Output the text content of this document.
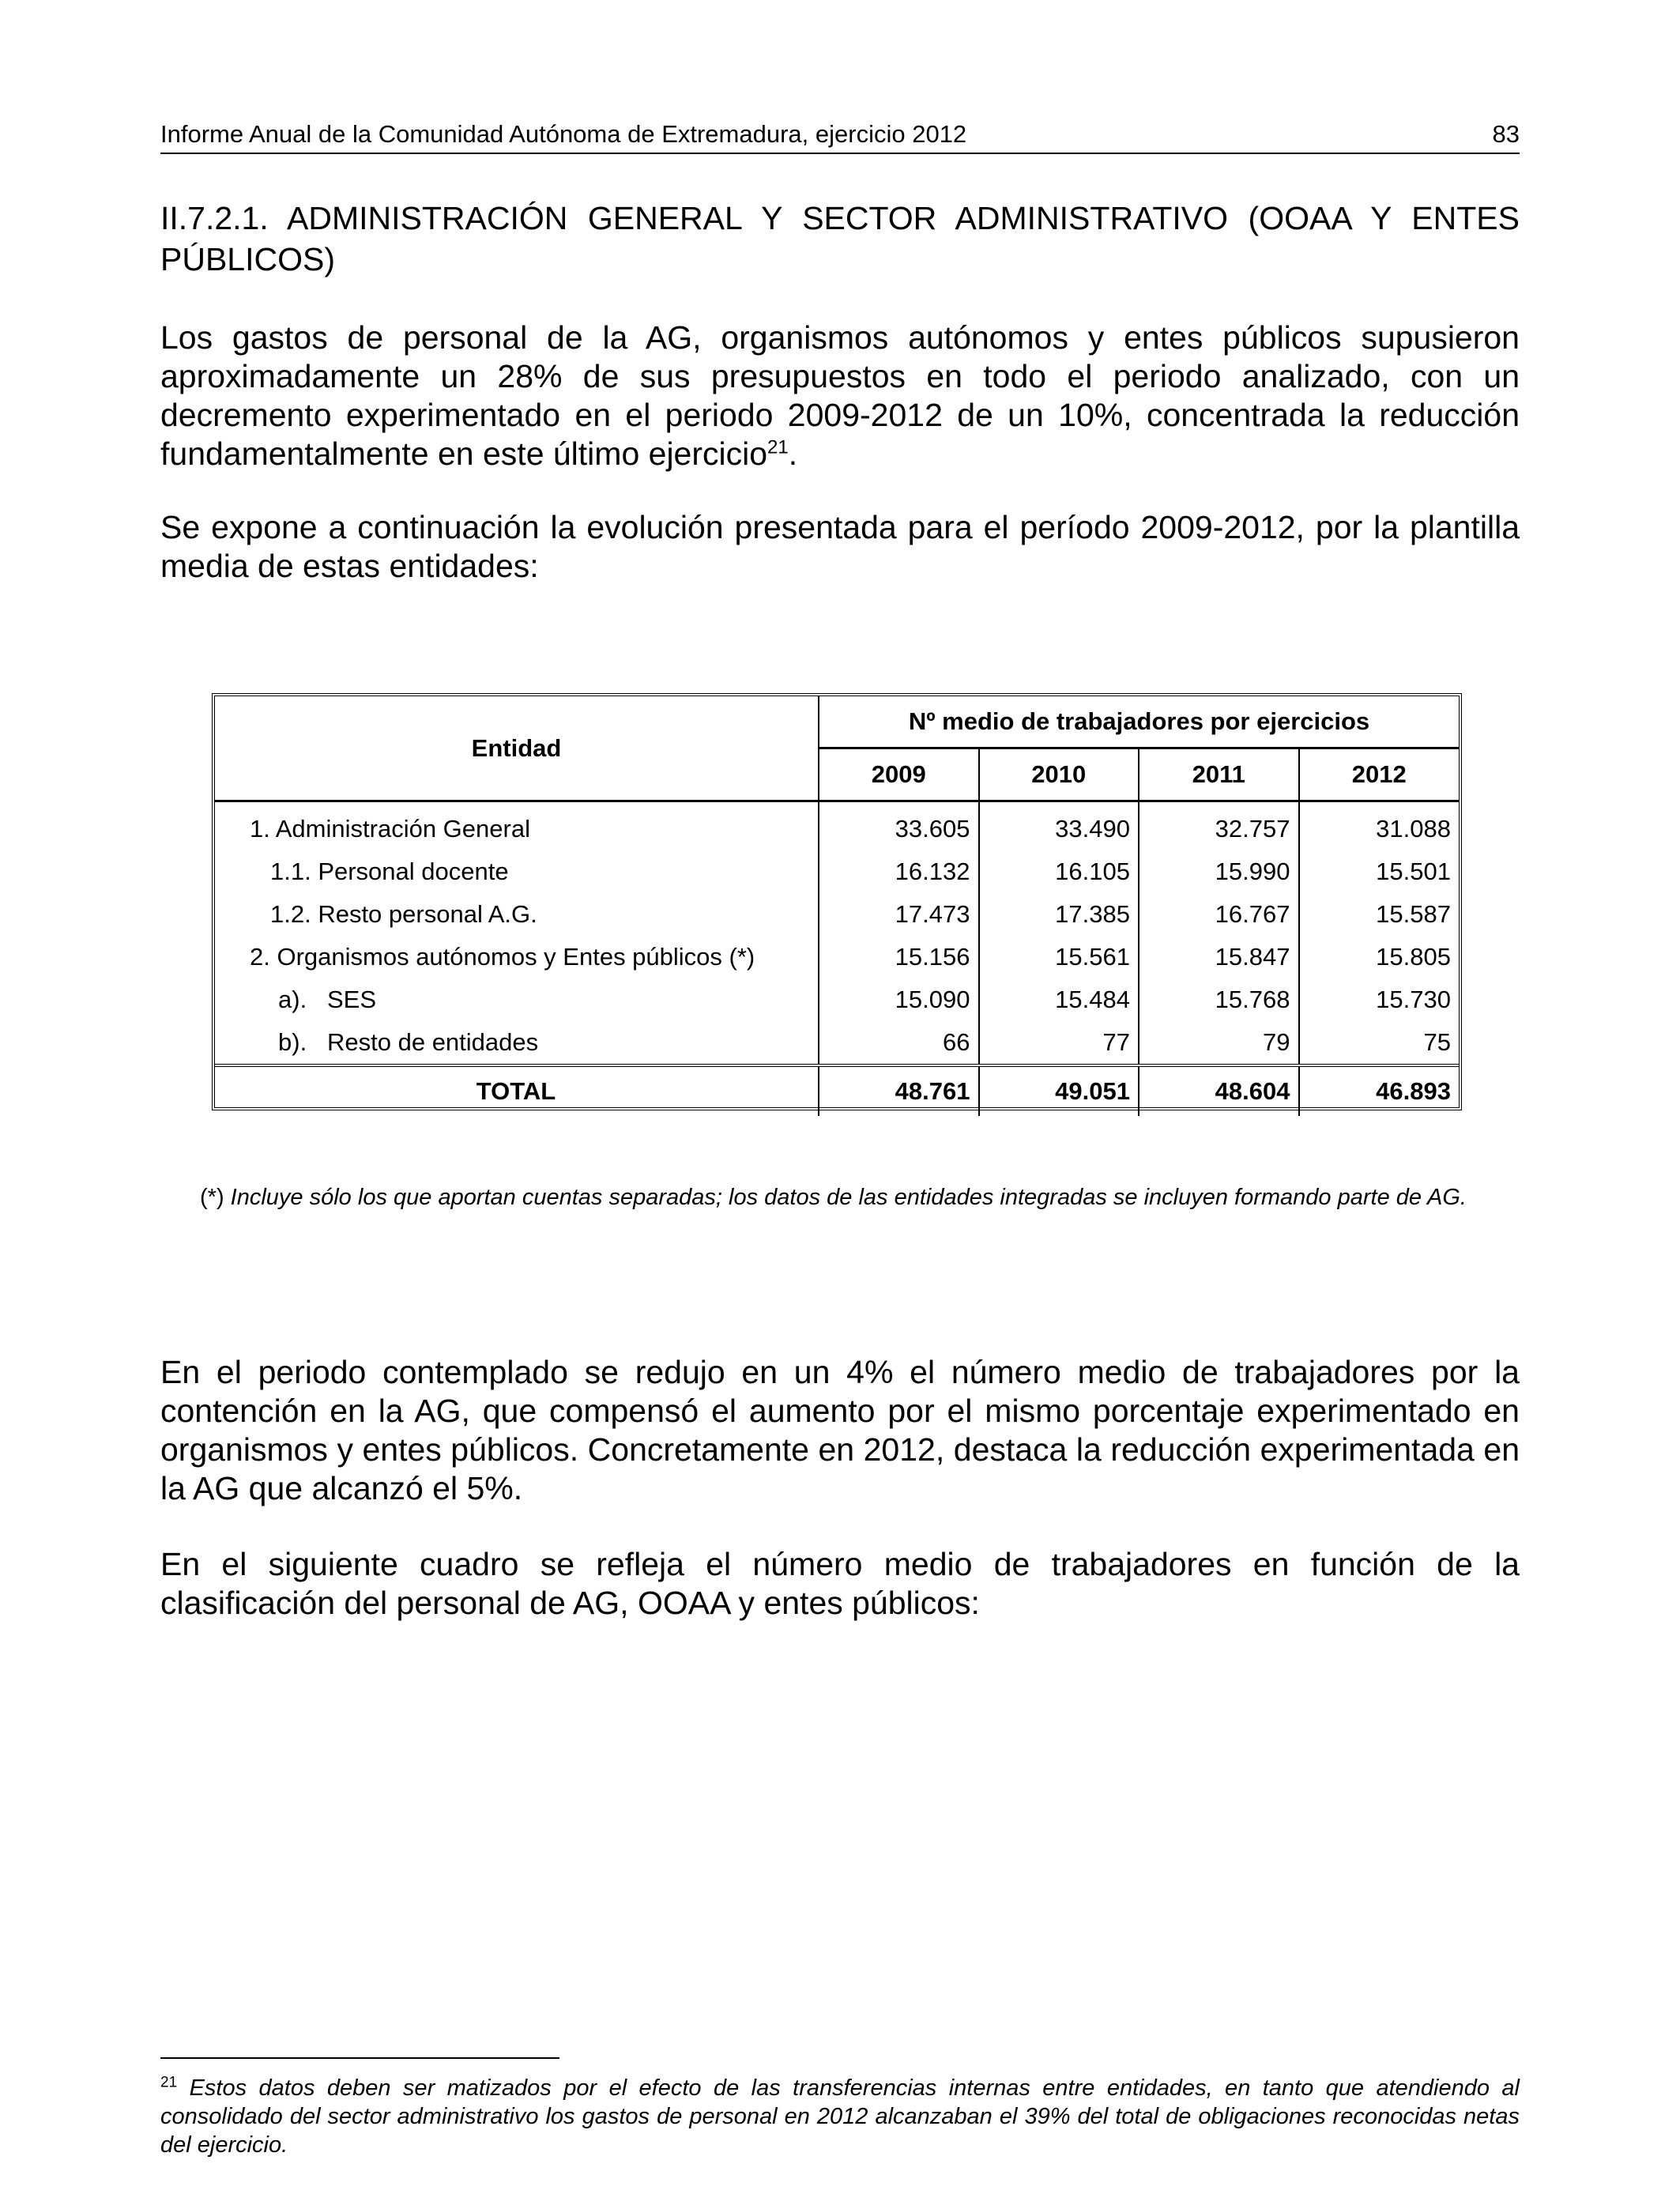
Informe Anual de la Comunidad Autónoma de Extremadura, ejercicio 2012	83
II.7.2.1. ADMINISTRACIÓN GENERAL Y SECTOR ADMINISTRATIVO (OOAA Y ENTES PÚBLICOS)

Los gastos de personal de la AG, organismos autónomos y entes públicos supusieron aproximadamente un 28% de sus presupuestos en todo el periodo analizado, con un decremento experimentado en el periodo 2009-2012 de un 10%, concentrada la reducción fundamentalmente en este último ejercicio$^{21}$.

Se expone a continuación la evolución presentada para el período 2009-2012, por la plantilla media de estas entidades:

Entidad	Nº medio de trabajadores por ejercicios			
	2009	2010	2011	2012
1. Administración General	33.605	33.490	32.757	31.088
1.1. Personal docente	16.132	16.105	15.990	15.501
1.2. Resto personal A.G.	17.473	17.385	16.767	15.587
2. Organismos autónomos y Entes públicos (*)	15.156	15.561	15.847	15.805
a). SES	15.090	15.484	15.768	15.730
b). Resto de entidades	66	77	79	75
TOTAL	48.761	49.051	48.604	46.893

(*) Incluye sólo los que aportan cuentas separadas; los datos de las entidades integradas se incluyen formando parte de AG.

En el periodo contemplado se redujo en un 4% el número medio de trabajadores por la contención en la AG, que compensó el aumento por el mismo porcentaje experimentado en organismos y entes públicos. Concretamente en 2012, destaca la reducción experimentada en la AG que alcanzó el 5%.

En el siguiente cuadro se refleja el número medio de trabajadores en función de la clasificación del personal de AG, OOAA y entes públicos:

$^{21}$ Estos datos deben ser matizados por el efecto de las transferencias internas entre entidades, en tanto que atendiendo al consolidado del sector administrativo los gastos de personal en 2012 alcanzaban el 39% del total de obligaciones reconocidas netas del ejercicio.
